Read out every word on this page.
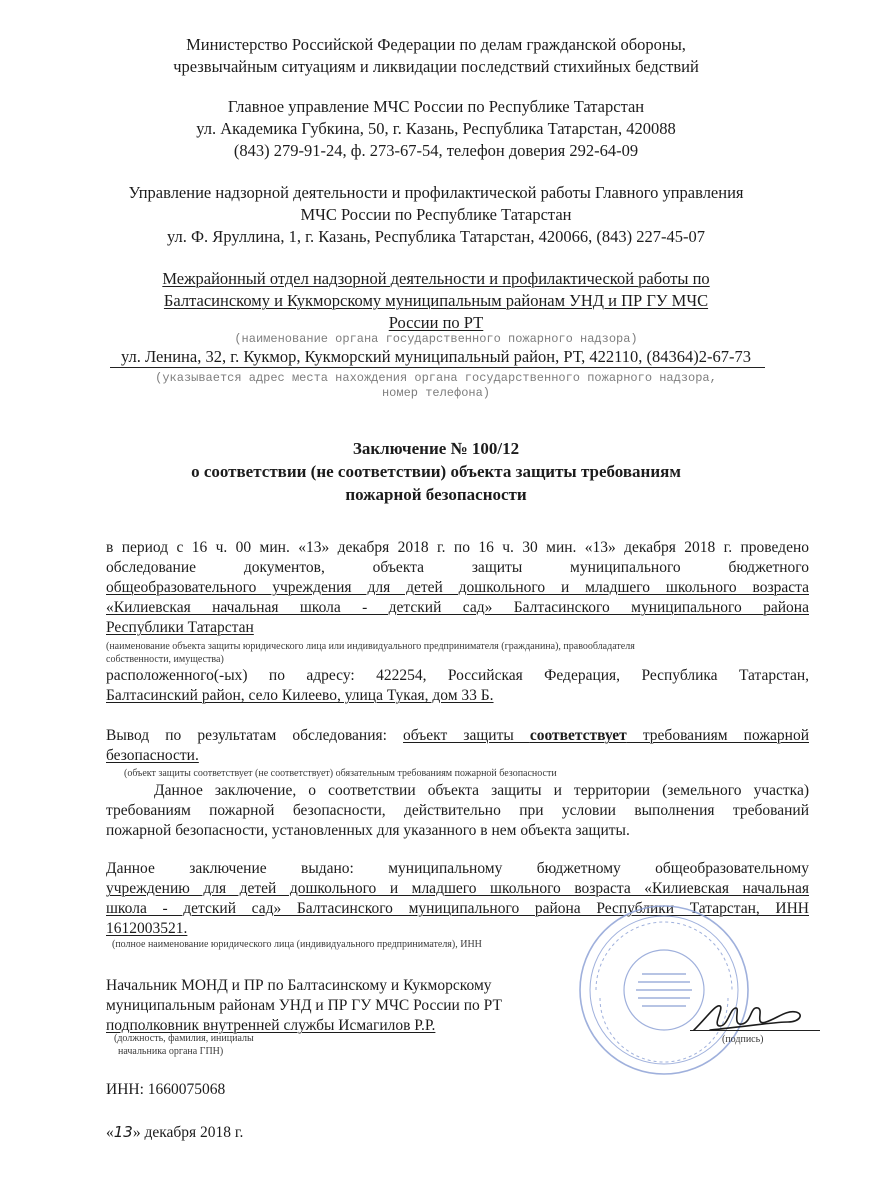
Министерство Российской Федерации по делам гражданской обороны,
чрезвычайным ситуациям и ликвидации последствий стихийных бедствий
Главное управление МЧС России по Республике Татарстан
ул. Академика Губкина, 50, г. Казань, Республика Татарстан, 420088
(843) 279-91-24, ф. 273-67-54, телефон доверия 292-64-09
Управление надзорной деятельности и профилактической работы Главного управления
МЧС России по Республике Татарстан
ул. Ф. Яруллина, 1, г. Казань, Республика Татарстан, 420066, (843) 227-45-07
Межрайонный отдел надзорной деятельности и профилактической работы по
Балтасинскому и Кукморскому муниципальным районам УНД и ПР ГУ МЧС
России по РТ
(наименование органа государственного пожарного надзора)
ул. Ленина, 32, г. Кукмор, Кукморский муниципальный район, РТ, 422110, (84364)2-67-73
(указывается адрес места нахождения органа государственного пожарного надзора,
номер телефона)
Заключение № 100/12
о соответствии (не соответствии) объекта защиты требованиям
пожарной безопасности
в период с 16 ч. 00 мин. «13» декабря 2018 г. по 16 ч. 30 мин. «13» декабря 2018 г. проведено
обследование документов, объекта защиты муниципального бюджетного
общеобразовательного учреждения для детей дошкольного и младшего школьного возраста
«Килиевская начальная школа - детский сад» Балтасинского муниципального района
Республики Татарстан
(наименование объекта защиты юридического лица или индивидуального предпринимателя (гражданина), правообладателя
собственности, имущества)
расположенного(-ых) по адресу: 422254, Российская Федерация, Республика Татарстан,
Балтасинский район, село Килеево, улица Тукая, дом 33 Б.
Вывод по результатам обследования: объект защиты соответствует требованиям пожарной
безопасности.
(объект защиты соответствует (не соответствует) обязательным требованиям пожарной безопасности
Данное заключение, о соответствии объекта защиты и территории (земельного участка)
требованиям пожарной безопасности, действительно при условии выполнения требований
пожарной безопасности, установленных для указанного в нем объекта защиты.
Данное заключение выдано: муниципальному бюджетному общеобразовательному
учреждению для детей дошкольного и младшего школьного возраста «Килиевская начальная
школа - детский сад» Балтасинского муниципального района Республики Татарстан, ИНН
1612003521.
(полное наименование юридического лица (индивидуального предпринимателя), ИНН
Начальник МОНД и ПР по Балтасинскому и Кукморскому
муниципальным районам УНД и ПР ГУ МЧС России по РТ
подполковник внутренней службы Исмагилов Р.Р.
(должность, фамилия, инициалы
начальника органа ГПН)
(подпись)
ИНН: 1660075068
«13» декабря 2018 г.
